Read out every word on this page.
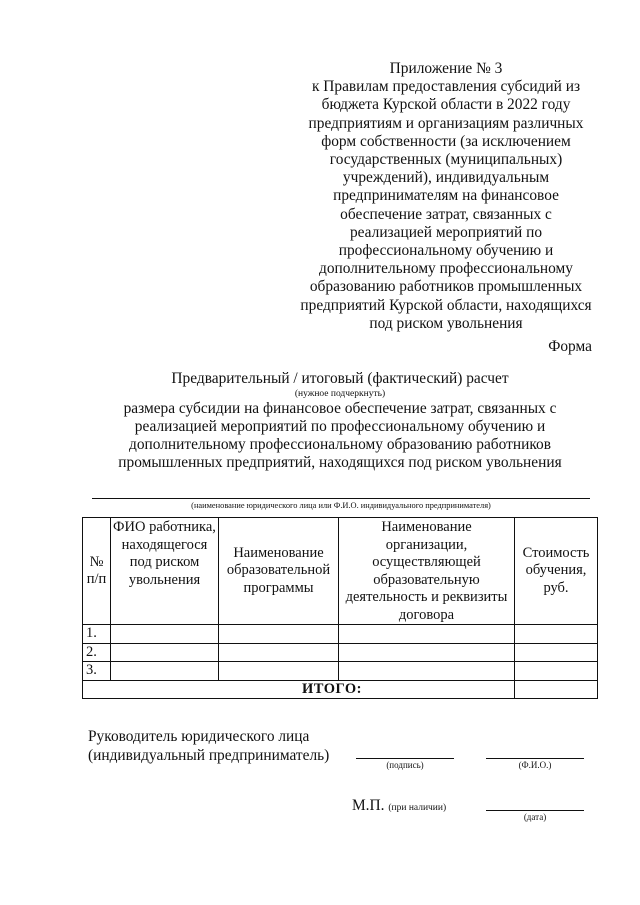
Приложение № 3
к Правилам предоставления субсидий из
бюджета Курской области в 2022 году
предприятиям и организациям различных
форм собственности (за исключением
государственных (муниципальных)
учреждений), индивидуальным
предпринимателям на финансовое
обеспечение затрат, связанных с
реализацией мероприятий по
профессиональному обучению и
дополнительному профессиональному
образованию работников промышленных
предприятий Курской области, находящихся
под риском увольнения
Форма
Предварительный / итоговый (фактический) расчет
(нужное подчеркнуть)
размера субсидии на финансовое обеспечение затрат, связанных с
реализацией мероприятий по профессиональному обучению и
дополнительному профессиональному образованию работников
промышленных предприятий, находящихся под риском увольнения
(наименование юридического лица или Ф.И.О. индивидуального предпринимателя)
№ п/п	ФИО работника, находящегося под риском увольнения	Наименование образовательной программы	Наименование организации, осуществляющей образовательную деятельность и реквизиты договора	Стоимость обучения, руб.
1.				
2.				
3.				
ИТОГО:				
Руководитель юридического лица
(индивидуальный предприниматель)
(подпись)	(Ф.И.О.)
М.П. (при наличии)
(дата)
